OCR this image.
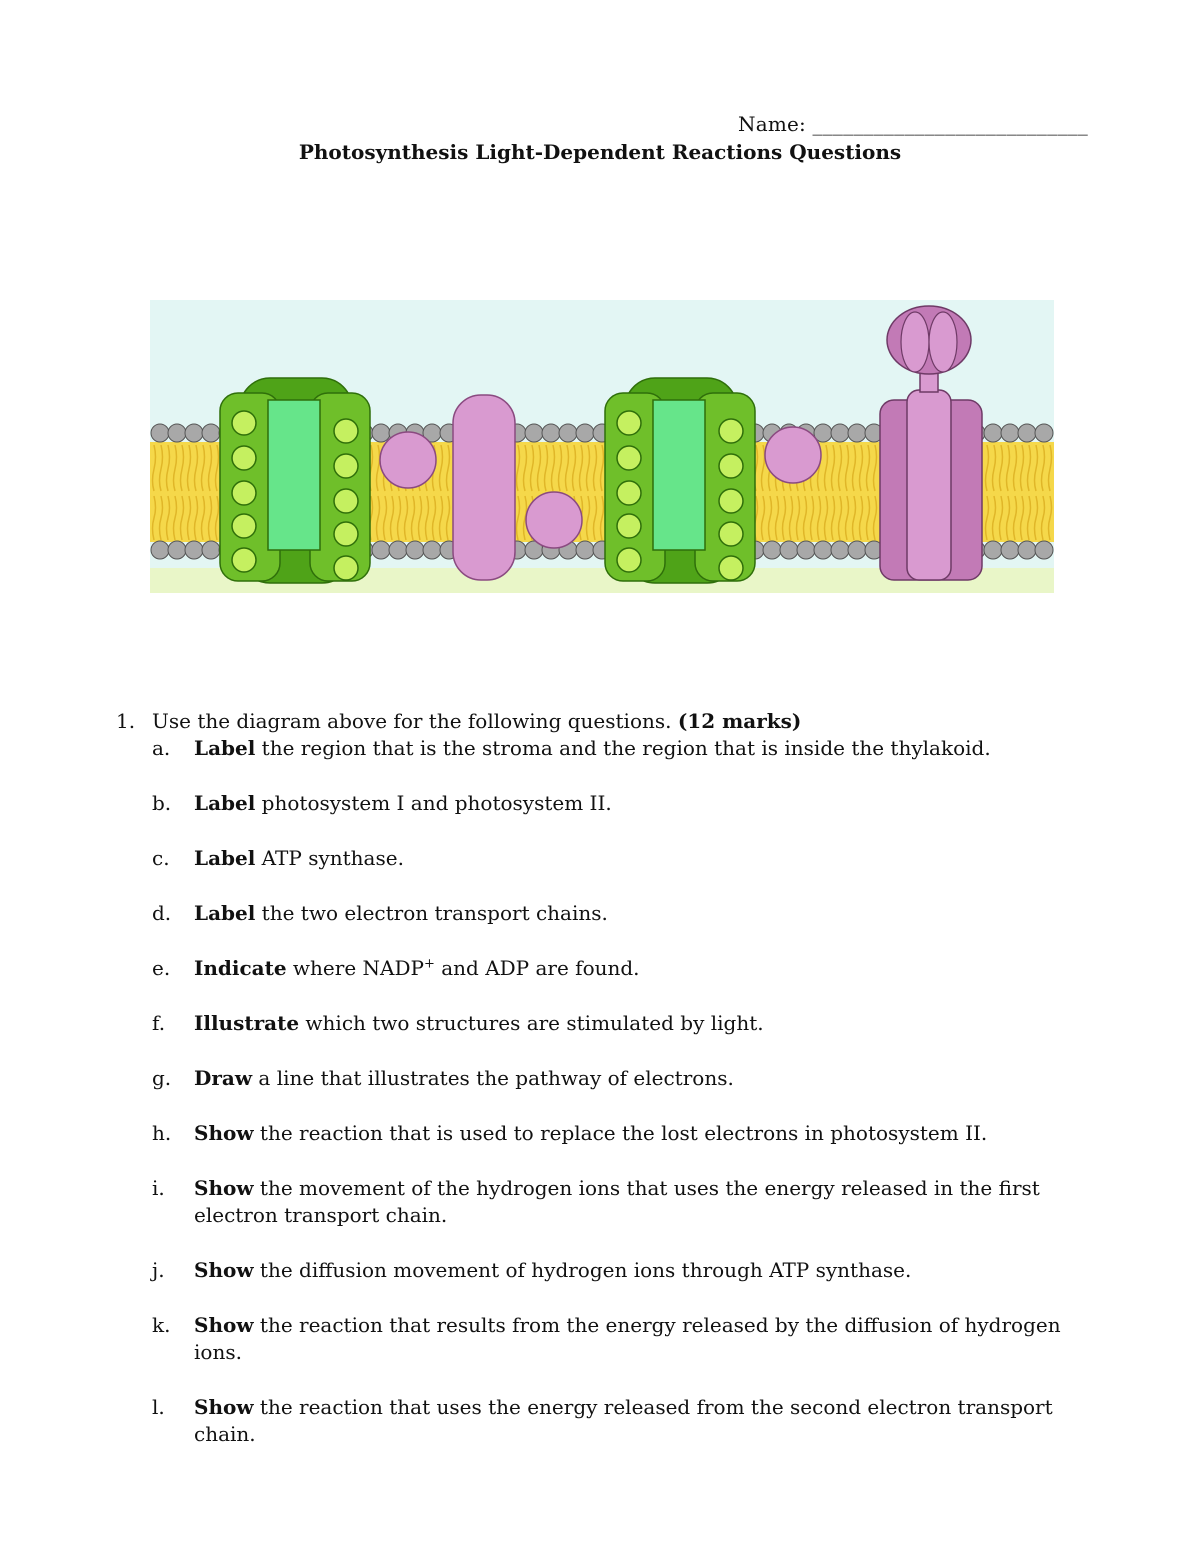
Name: ___________________________
Photosynthesis Light-Dependent Reactions Questions
1. Use the diagram above for the following questions. (12 marks)
a.	Label the region that is the stroma and the region that is inside the thylakoid.
b.	Label photosystem I and photosystem II.
c.	Label ATP synthase.
d.	Label the two electron transport chains.
e.	Indicate where NADP+ and ADP are found.
f.	Illustrate which two structures are stimulated by light.
g.	Draw a line that illustrates the pathway of electrons.
h.	Show the reaction that is used to replace the lost electrons in photosystem II.
i.	Show the movement of the hydrogen ions that uses the energy released in the first electron transport chain.
j.	Show the diffusion movement of hydrogen ions through ATP synthase.
k.	Show the reaction that results from the energy released by the diffusion of hydrogen ions.
l.	Show the reaction that uses the energy released from the second electron transport chain.
